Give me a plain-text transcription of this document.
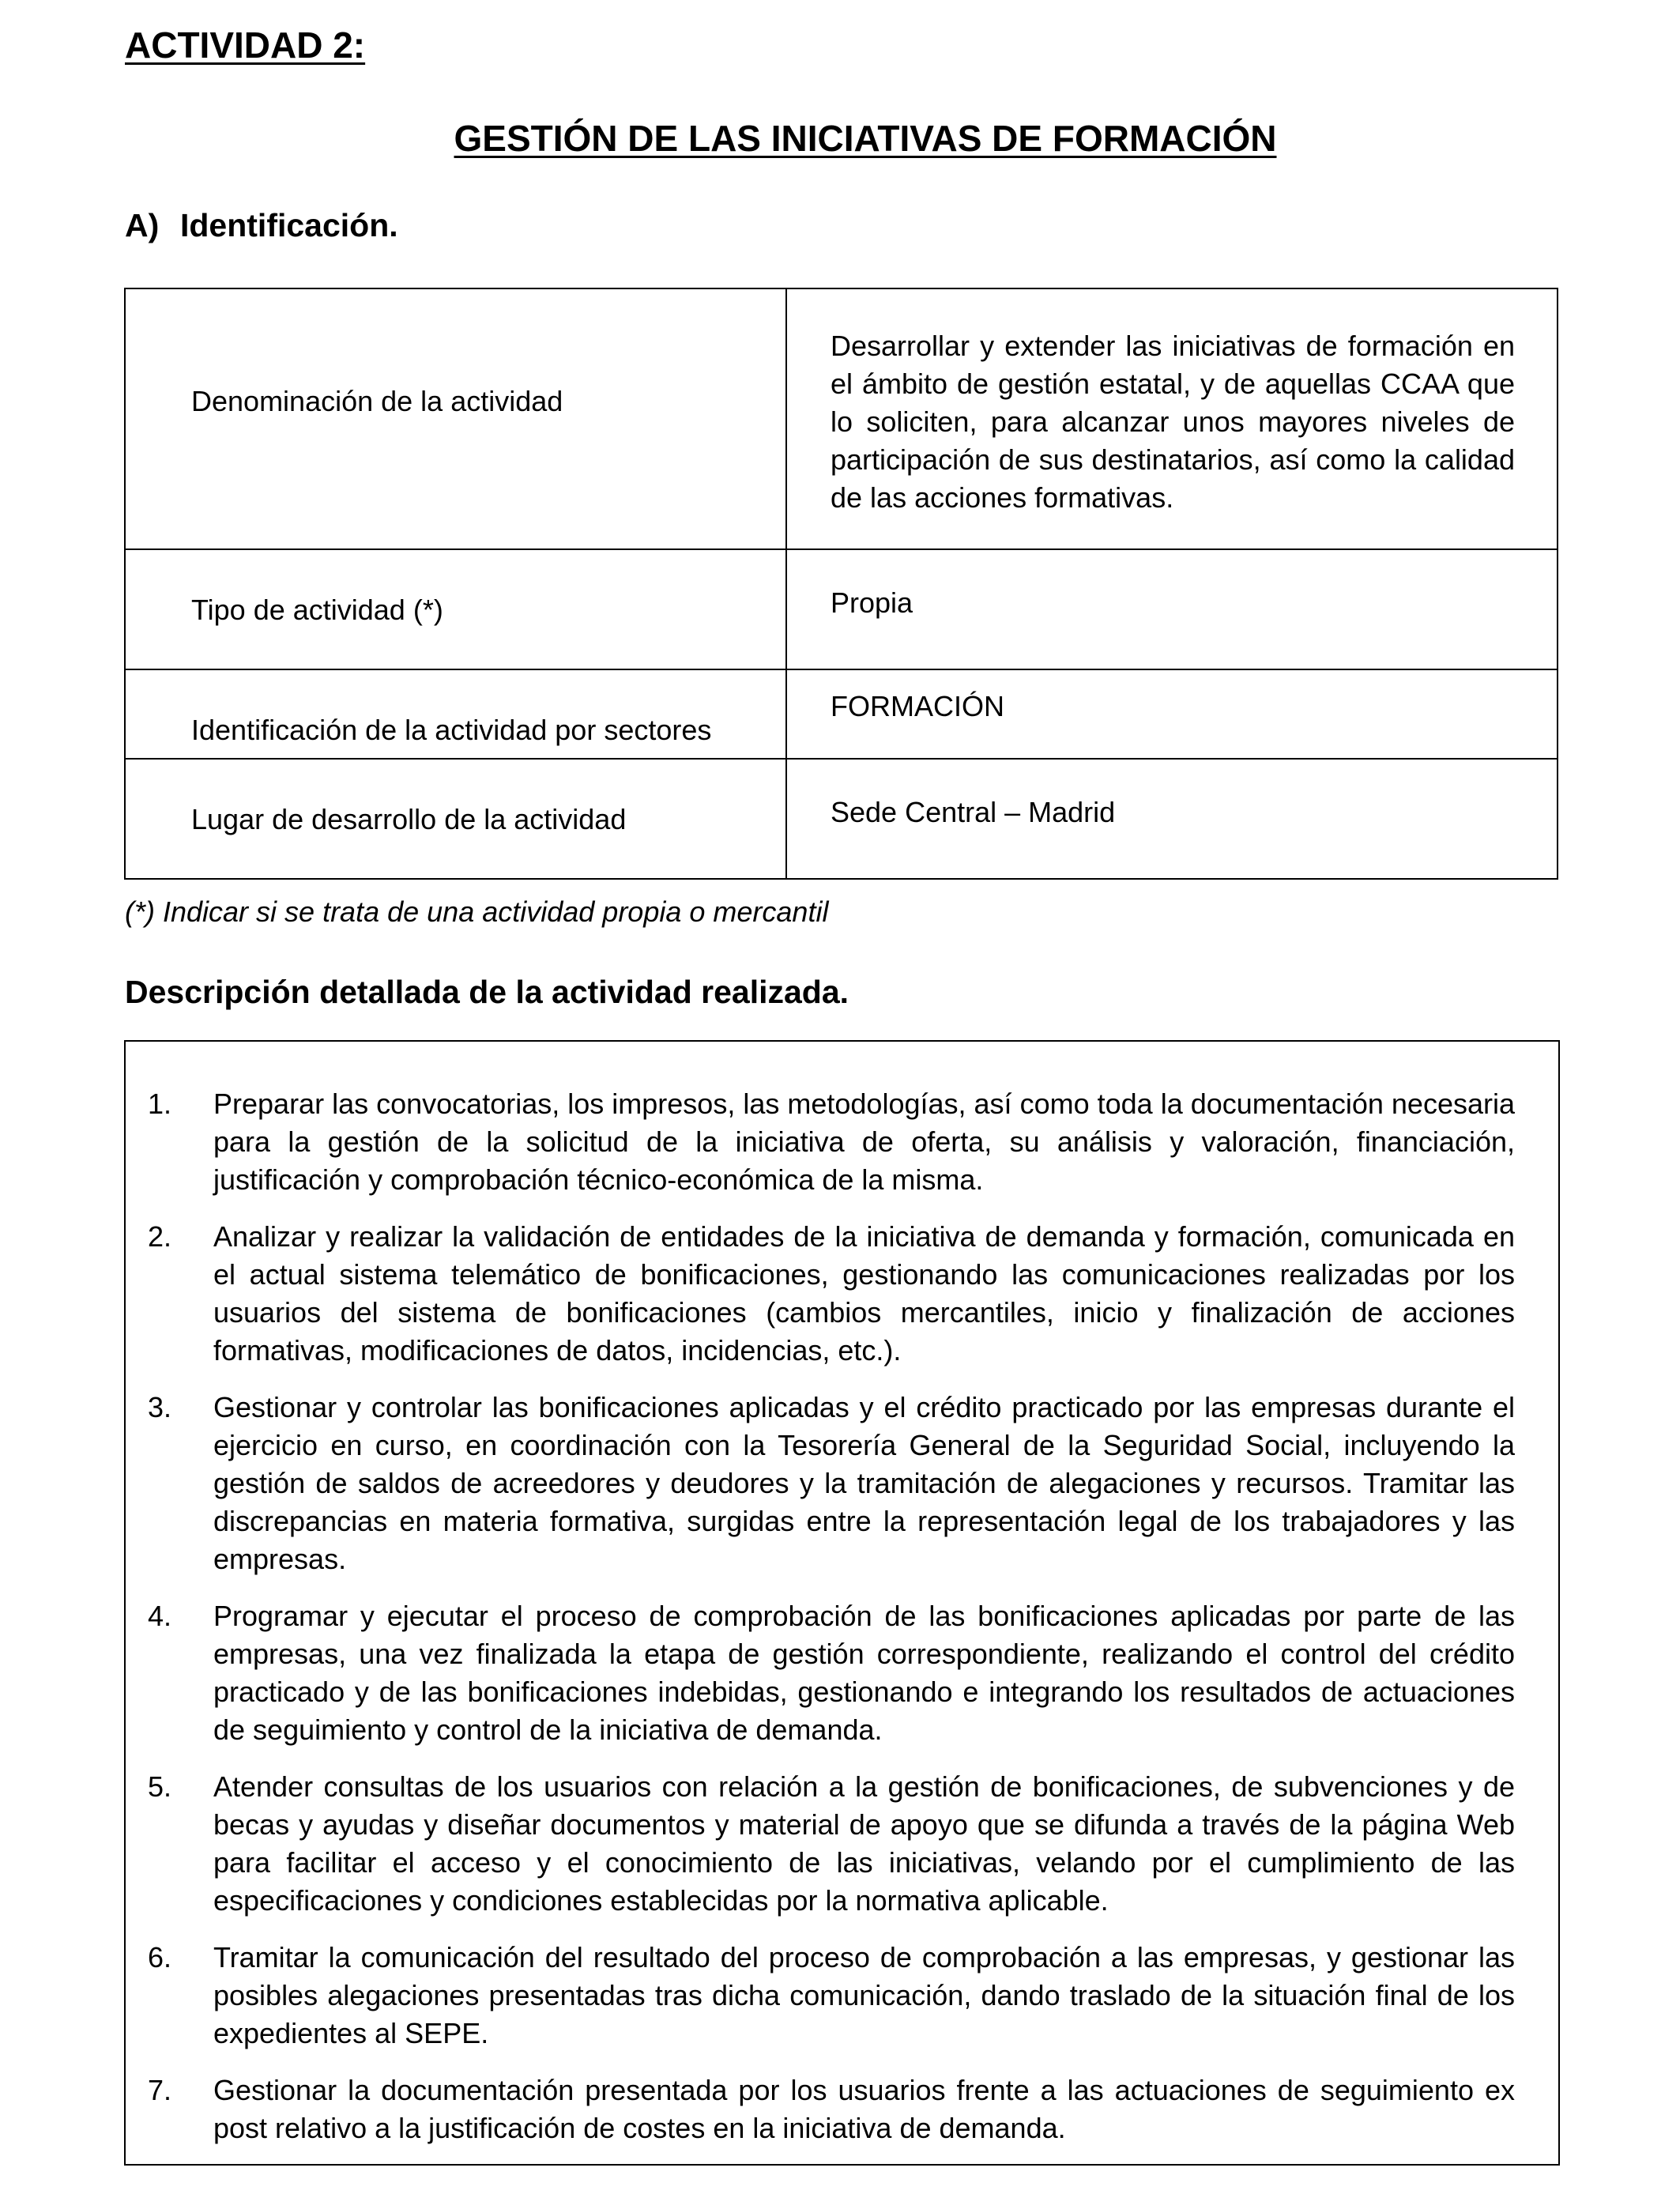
ACTIVIDAD 2:
GESTIÓN DE LAS INICIATIVAS DE FORMACIÓN
A) Identificación.
Denominación de la actividad	Desarrollar y extender las iniciativas de formación en el ámbito de gestión estatal, y de aquellas CCAA que lo soliciten, para alcanzar unos mayores niveles de participación de sus destinatarios, así como la calidad de las acciones formativas.
Tipo de actividad (*)	Propia
Identificación de la actividad por sectores	FORMACIÓN
Lugar de desarrollo de la actividad	Sede Central – Madrid
(*) Indicar si se trata de una actividad propia o mercantil
Descripción detallada de la actividad realizada.
1. Preparar las convocatorias, los impresos, las metodologías, así como toda la documentación necesaria para la gestión de la solicitud de la iniciativa de oferta, su análisis y valoración, financiación, justificación y comprobación técnico-económica de la misma.
2. Analizar y realizar la validación de entidades de la iniciativa de demanda y formación, comunicada en el actual sistema telemático de bonificaciones, gestionando las comunicaciones realizadas por los usuarios del sistema de bonificaciones (cambios mercantiles, inicio y finalización de acciones formativas, modificaciones de datos, incidencias, etc.).
3. Gestionar y controlar las bonificaciones aplicadas y el crédito practicado por las empresas durante el ejercicio en curso, en coordinación con la Tesorería General de la Seguridad Social, incluyendo la gestión de saldos de acreedores y deudores y la tramitación de alegaciones y recursos. Tramitar las discrepancias en materia formativa, surgidas entre la representación legal de los trabajadores y las empresas.
4. Programar y ejecutar el proceso de comprobación de las bonificaciones aplicadas por parte de las empresas, una vez finalizada la etapa de gestión correspondiente, realizando el control del crédito practicado y de las bonificaciones indebidas, gestionando e integrando los resultados de actuaciones de seguimiento y control de la iniciativa de demanda.
5. Atender consultas de los usuarios con relación a la gestión de bonificaciones, de subvenciones y de becas y ayudas y diseñar documentos y material de apoyo que se difunda a través de la página Web para facilitar el acceso y el conocimiento de las iniciativas, velando por el cumplimiento de las especificaciones y condiciones establecidas por la normativa aplicable.
6. Tramitar la comunicación del resultado del proceso de comprobación a las empresas, y gestionar las posibles alegaciones presentadas tras dicha comunicación, dando traslado de la situación final de los expedientes al SEPE.
7. Gestionar la documentación presentada por los usuarios frente a las actuaciones de seguimiento ex post relativo a la justificación de costes en la iniciativa de demanda.
